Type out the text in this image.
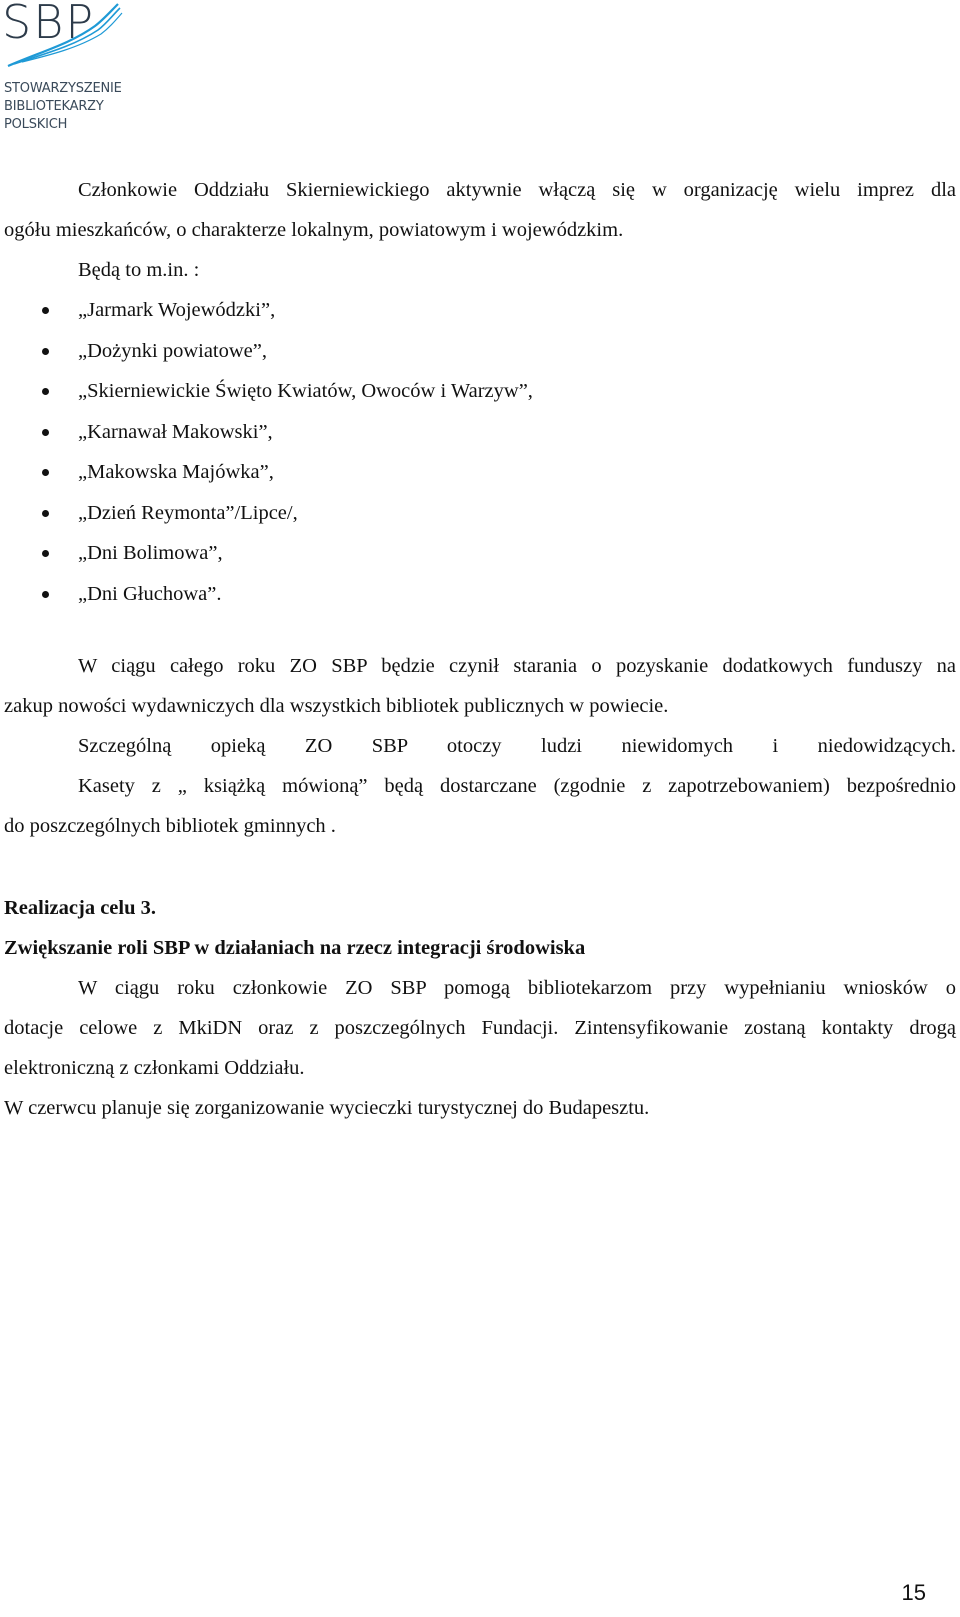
SBP
STOWARZYSZENIE
BIBLIOTEKARZY
POLSKICH

Członkowie Oddziału Skierniewickiego aktywnie włączą się w organizację wielu imprez dla

ogółu mieszkańców, o charakterze lokalnym, powiatowym i wojewódzkim.

Będą to m.in. :

„Jarmark Wojewódzki”,
„Dożynki powiatowe”,
„Skierniewickie Święto Kwiatów, Owoców i Warzyw”,
„Karnawał Makowski”,
„Makowska Majówka”,
„Dzień Reymonta”/Lipce/,
„Dni Bolimowa”,
„Dni Głuchowa”.

W ciągu całego roku ZO SBP będzie czynił starania o pozyskanie dodatkowych funduszy na

zakup nowości wydawniczych dla wszystkich bibliotek publicznych w powiecie.

Szczególną opieką ZO SBP otoczy ludzi niewidomych i niedowidzących.

Kasety z „ książką mówioną” będą dostarczane (zgodnie z zapotrzebowaniem) bezpośrednio

do poszczególnych bibliotek gminnych .

Realizacja celu 3.

Zwiększanie roli SBP w działaniach na rzecz integracji środowiska

W ciągu roku członkowie ZO SBP pomogą bibliotekarzom przy wypełnianiu wniosków o

dotacje celowe z MkiDN oraz z poszczególnych Fundacji. Zintensyfikowanie zostaną kontakty drogą

elektroniczną z członkami Oddziału.

W czerwcu planuje się zorganizowanie wycieczki turystycznej do Budapesztu.

15
